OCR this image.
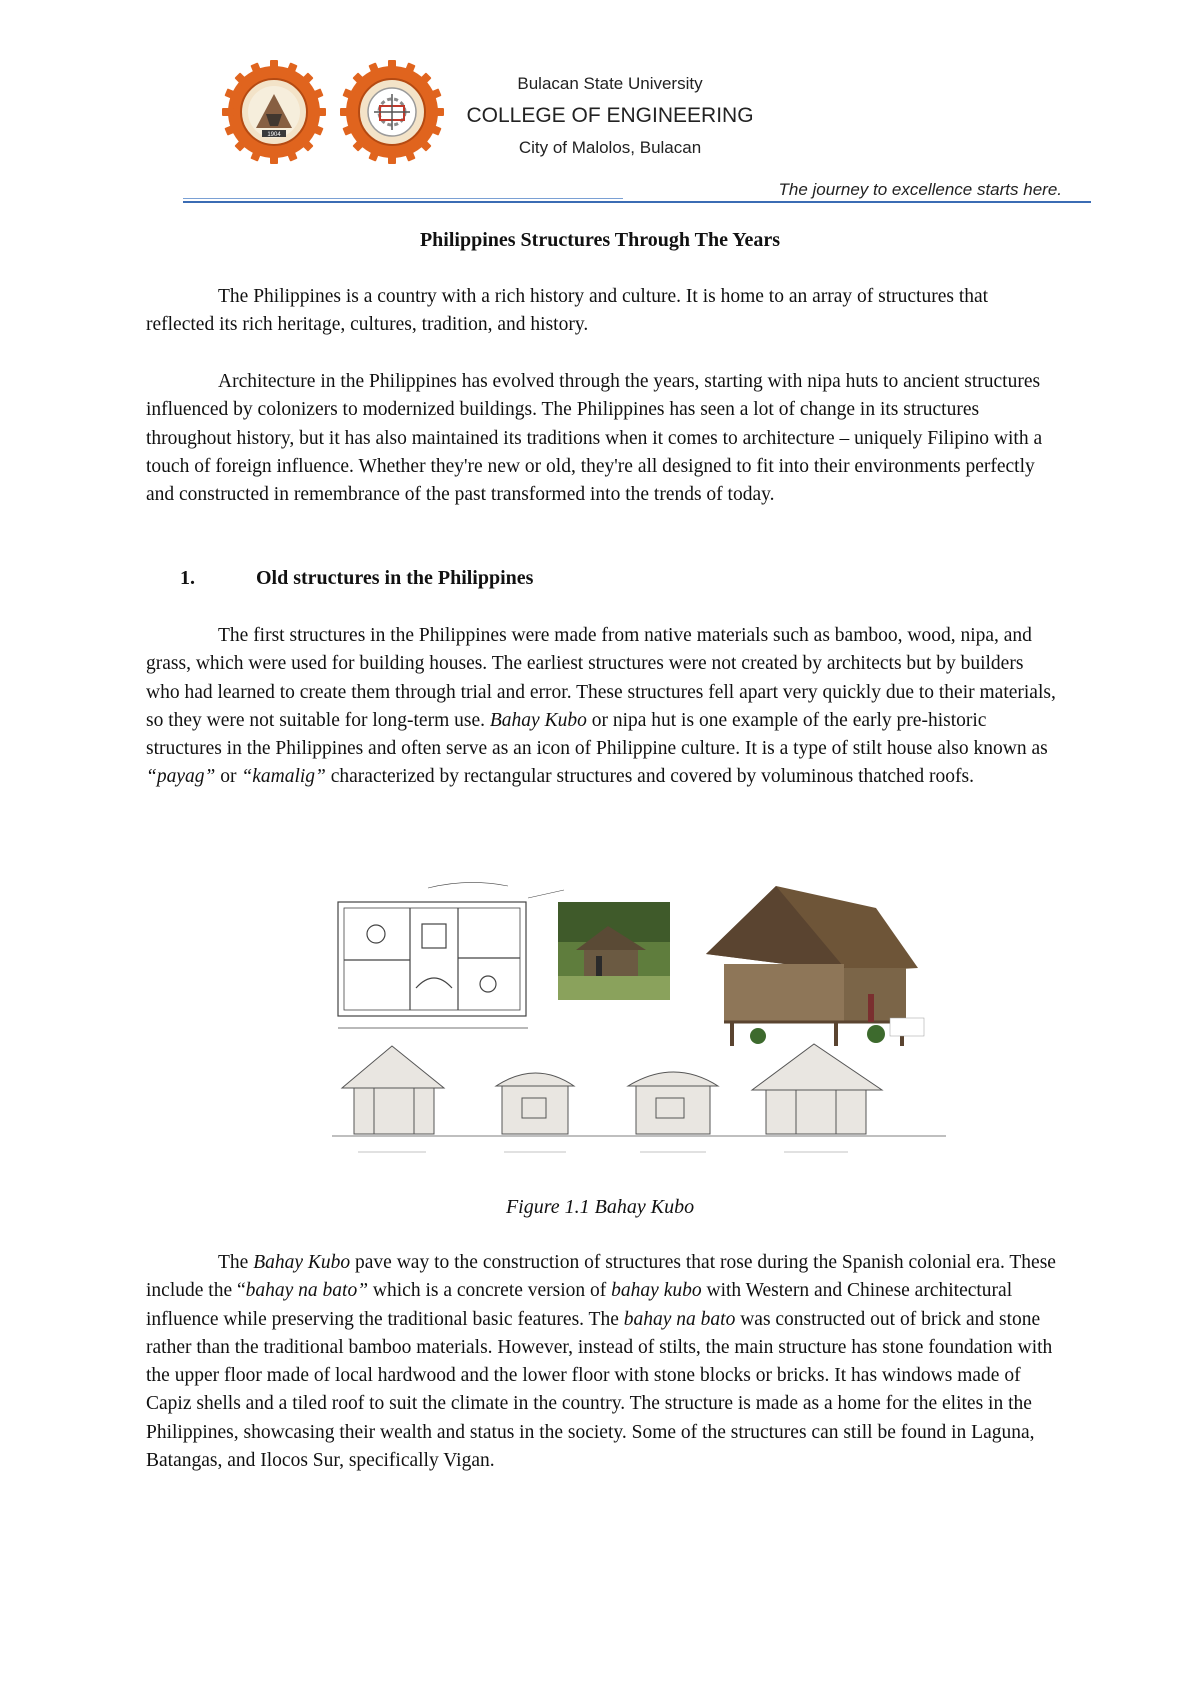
1904
Bulacan State University
COLLEGE OF ENGINEERING
City of Malolos, Bulacan
The journey to excellence starts here.
Philippines Structures Through The Years

The Philippines is a country with a rich history and culture. It is home to an array of structures that reflected its rich heritage, cultures, tradition, and history.

Architecture in the Philippines has evolved through the years, starting with nipa huts to ancient structures influenced by colonizers to modernized buildings. The Philippines has seen a lot of change in its structures throughout history, but it has also maintained its traditions when it comes to architecture – uniquely Filipino with a touch of foreign influence. Whether they're new or old, they're all designed to fit into their environments perfectly and constructed in remembrance of the past transformed into the trends of today.

1.	Old structures in the Philippines

The first structures in the Philippines were made from native materials such as bamboo, wood, nipa, and grass, which were used for building houses. The earliest structures were not created by architects but by builders who had learned to create them through trial and error. These structures fell apart very quickly due to their materials, so they were not suitable for long-term use. Bahay Kubo or nipa hut is one example of the early pre-historic structures in the Philippines and often serve as an icon of Philippine culture. It is a type of stilt house also known as “payag” or “kamalig” characterized by rectangular structures and covered by voluminous thatched roofs.

Figure 1.1 Bahay Kubo

The Bahay Kubo pave way to the construction of structures that rose during the Spanish colonial era. These include the “bahay na bato” which is a concrete version of bahay kubo with Western and Chinese architectural influence while preserving the traditional basic features. The bahay na bato was constructed out of brick and stone rather than the traditional bamboo materials. However, instead of stilts, the main structure has stone foundation with the upper floor made of local hardwood and the lower floor with stone blocks or bricks. It has windows made of Capiz shells and a tiled roof to suit the climate in the country. The structure is made as a home for the elites in the Philippines, showcasing their wealth and status in the society. Some of the structures can still be found in Laguna, Batangas, and Ilocos Sur, specifically Vigan.
